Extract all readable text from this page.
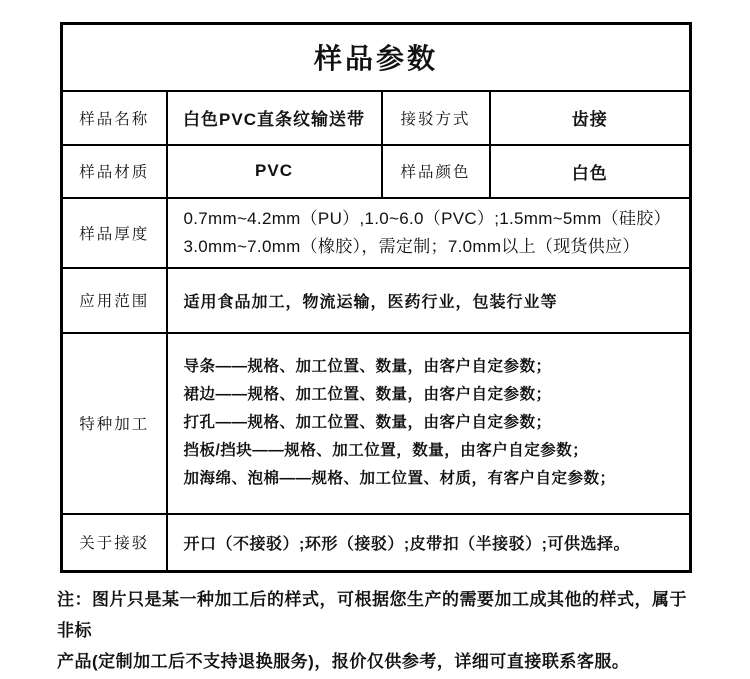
样品参数			
样品名称	白色PVC直条纹输送带	接驳方式	齿接
样品材质	PVC	样品颜色	白色
样品厚度	0.7mm~4.2mm（PU）,1.0~6.0（PVC）;1.5mm~5mm（硅胶）
3.0mm~7.0mm（橡胶），需定制；7.0mm以上（现货供应）		

应用范围	适用食品加工，物流运输，医药行业，包装行业等		

特种加工	导条——规格、加工位置、数量，由客户自定参数；
裙边——规格、加工位置、数量，由客户自定参数；
打孔——规格、加工位置、数量，由客户自定参数；
挡板/挡块——规格、加工位置，数量，由客户自定参数；
加海绵、泡棉——规格、加工位置、材质，有客户自定参数；		

关于接驳	开口（不接驳）;环形（接驳）;皮带扣（半接驳）;可供选择。		
注：图片只是某一种加工后的样式，可根据您生产的需要加工成其他的样式，属于非标
产品(定制加工后不支持退换服务)，报价仅供参考，详细可直接联系客服。
